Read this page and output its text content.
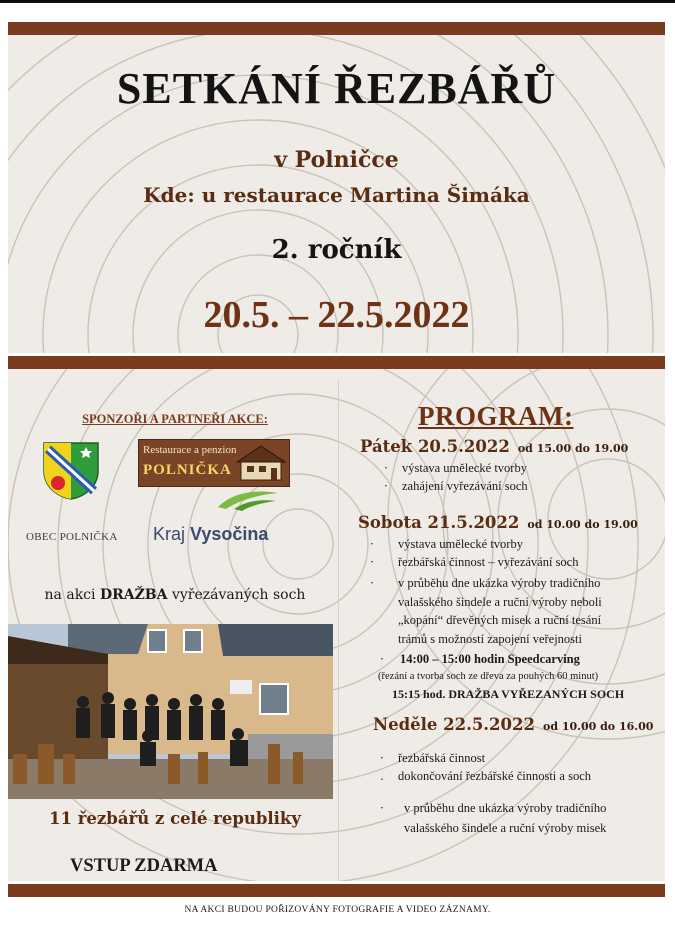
SETKÁNÍ ŘEZBÁŘŮ
v Polničce
Kde: u restaurace Martina Šimáka
2. ročník
20.5. – 22.5.2022
SPONZOŘI A PARTNEŘI AKCE:
OBEC POLNIČKA
Restaurace a penzion
POLNIČKA
Kraj Vysočina
na akci DRAŽBA vyřezávaných soch
11 řezbářů z celé republiky
VSTUP ZDARMA
PROGRAM:
Pátek 20.5.2022 od 15.00 do 19.00
· výstava umělecké tvorby
· zahájení vyřezávání soch
Sobota 21.5.2022 od 10.00 do 19.00
· výstava umělecké tvorby
· řezbářská činnost – vyřezávání soch
· v průběhu dne ukázka výroby tradičního
valašského šindele a ruční výroby neboli
„kopání“ dřevěných misek a ruční tesání
trámů s možností zapojení veřejnosti
· 14:00 – 15:00 hodin Speedcarving
(řezání a tvorba soch ze dřeva za pouhých 60 minut)
15:15 hod. DRAŽBA VYŘEZANÝCH SOCH
Neděle 22.5.2022 od 10.00 do 16.00
· řezbářská činnost
. dokončování řezbářské činnosti a soch
· v průběhu dne ukázka výroby tradičního
valašského šindele a ruční výroby misek
NA AKCI BUDOU POŘIZOVÁNY FOTOGRAFIE A VIDEO ZÁZNAMY.
